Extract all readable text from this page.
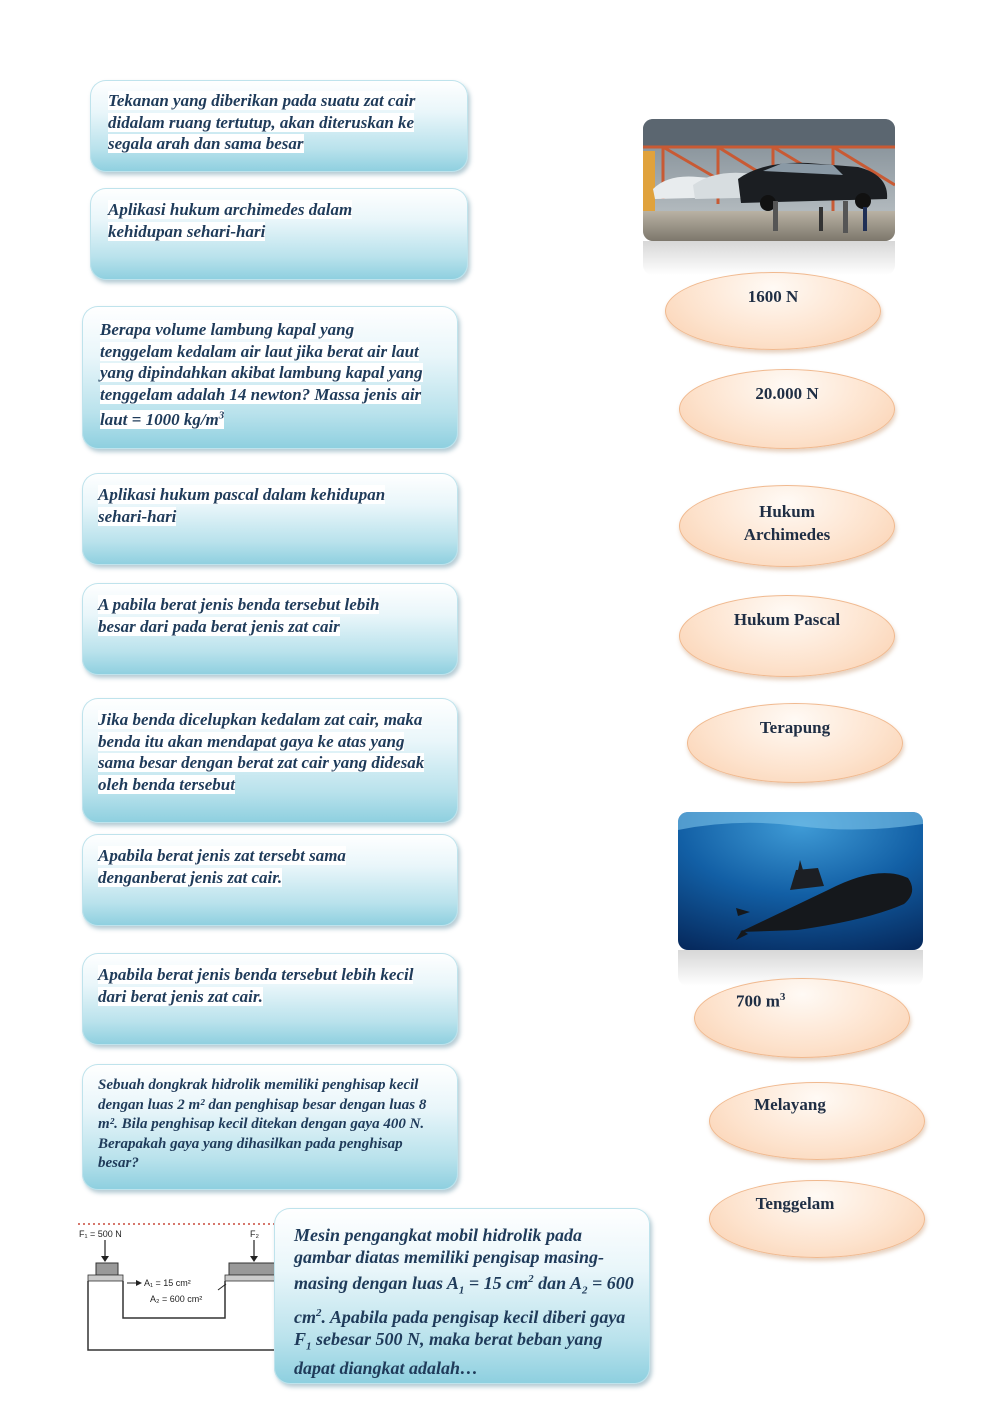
Tekanan yang diberikan pada suatu zat cair didalam ruang tertutup, akan diteruskan ke segala arah dan sama besar
Aplikasi hukum archimedes dalam kehidupan sehari-hari
Berapa volume lambung kapal yang tenggelam kedalam air laut jika berat air laut yang dipindahkan akibat lambung kapal yang tenggelam adalah 14 newton? Massa jenis air laut = 1000 $kg/m^3$
Aplikasi hukum pascal dalam kehidupan sehari-hari
A pabila berat jenis benda tersebut lebih besar dari pada berat jenis zat cair
Jika benda dicelupkan kedalam zat cair, maka benda itu akan mendapat gaya ke atas yang sama besar dengan berat zat cair yang didesak oleh benda tersebut
Apabila berat jenis zat tersebt sama denganberat jenis zat cair.
Apabila berat jenis benda tersebut lebih kecil dari berat jenis zat cair.
Sebuah dongkrak hidrolik memiliki penghisap kecil dengan luas 2 m² dan penghisap besar dengan luas 8 m². Bila penghisap kecil ditekan dengan gaya 400 N. Berapakah gaya yang dihasilkan pada penghisap besar?
F₁ = 500 N	F₂
A₁ = 15 cm²
A₂ = 600 cm²
Mesin pengangkat mobil hidrolik pada gambar diatas memiliki pengisap masing-masing dengan luas $A_1 = 15$ $cm^2$ dan $A_2 = 600$ $cm^2$. Apabila pada pengisap kecil diberi gaya $F_1$ sebesar 500 N, maka berat beban yang dapat diangkat adalah…
1600 N
20.000 N
Hukum
Archimedes
Hukum Pascal
Terapung
700 $m^3$
Melayang
Tenggelam
